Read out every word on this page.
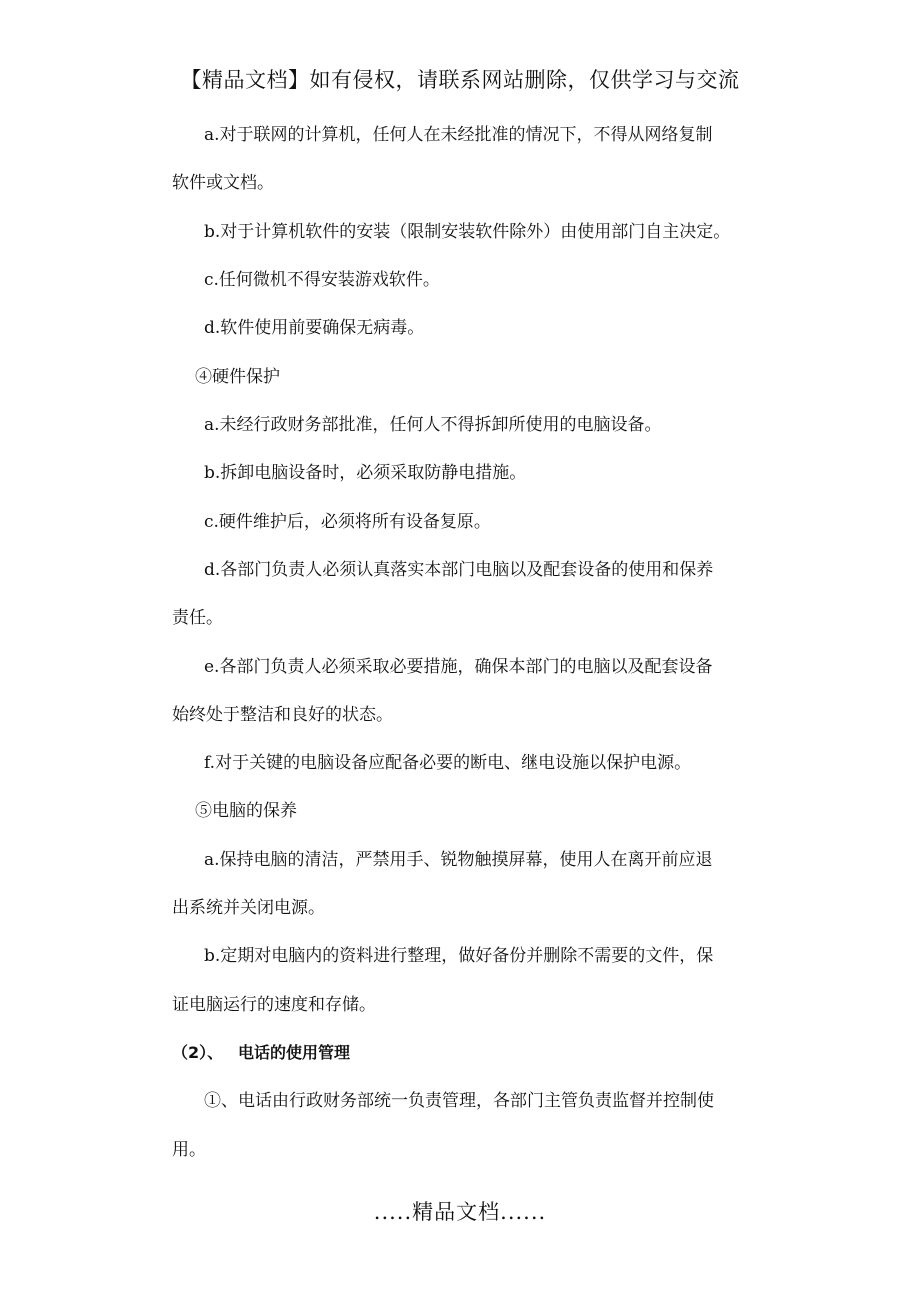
【精品文档】如有侵权，请联系网站删除，仅供学习与交流
a.对于联网的计算机，任何人在未经批准的情况下，不得从网络复制
软件或文档。
b.对于计算机软件的安装（限制安装软件除外）由使用部门自主决定。
c.任何微机不得安装游戏软件。
d.软件使用前要确保无病毒。
④硬件保护
a.未经行政财务部批准，任何人不得拆卸所使用的电脑设备。
b.拆卸电脑设备时，必须采取防静电措施。
c.硬件维护后，必须将所有设备复原。
d.各部门负责人必须认真落实本部门电脑以及配套设备的使用和保养
责任。
e.各部门负责人必须采取必要措施，确保本部门的电脑以及配套设备
始终处于整洁和良好的状态。
f.对于关键的电脑设备应配备必要的断电、继电设施以保护电源。
⑤电脑的保养
a.保持电脑的清洁，严禁用手、锐物触摸屏幕，使用人在离开前应退
出系统并关闭电源。
b.定期对电脑内的资料进行整理，做好备份并删除不需要的文件，保
证电脑运行的速度和存储。
（2）、 电话的使用管理
①、电话由行政财务部统一负责管理，各部门主管负责监督并控制使
用。
.....精品文档......
